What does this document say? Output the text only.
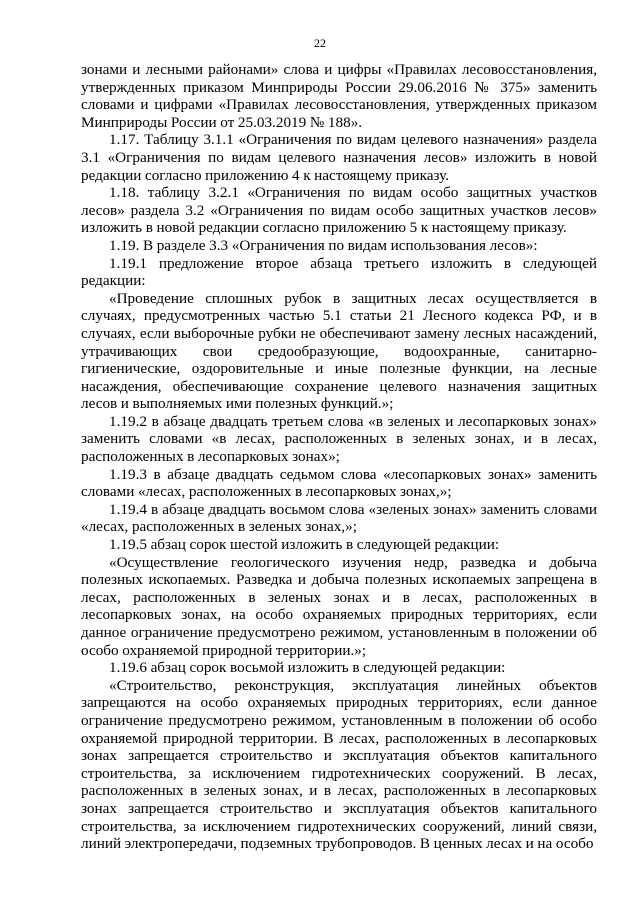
22

зонами и лесными районами» слова и цифры «Правилах лесовосстановления, утвержденных приказом Минприроды России 29.06.2016 № 375» заменить словами и цифрами «Правилах лесовосстановления, утвержденных приказом Минприроды России от 25.03.2019 № 188».

1.17. Таблицу 3.1.1 «Ограничения по видам целевого назначения» раздела 3.1 «Ограничения по видам целевого назначения лесов» изложить в новой редакции согласно приложению 4 к настоящему приказу.

1.18. таблицу 3.2.1 «Ограничения по видам особо защитных участков лесов» раздела 3.2 «Ограничения по видам особо защитных участков лесов» изложить в новой редакции согласно приложению 5 к настоящему приказу.

1.19. В разделе 3.3 «Ограничения по видам использования лесов»:

1.19.1 предложение второе абзаца третьего изложить в следующей редакции:

«Проведение сплошных рубок в защитных лесах осуществляется в случаях, предусмотренных частью 5.1 статьи 21 Лесного кодекса РФ, и в случаях, если выборочные рубки не обеспечивают замену лесных насаждений, утрачивающих свои средообразующие, водоохранные, санитарно-гигиенические, оздоровительные и иные полезные функции, на лесные насаждения, обеспечивающие сохранение целевого назначения защитных лесов и выполняемых ими полезных функций.»;

1.19.2 в абзаце двадцать третьем слова «в зеленых и лесопарковых зонах» заменить словами «в лесах, расположенных в зеленых зонах, и в лесах, расположенных в лесопарковых зонах»;

1.19.3 в абзаце двадцать седьмом слова «лесопарковых зонах» заменить словами «лесах, расположенных в лесопарковых зонах,»;

1.19.4 в абзаце двадцать восьмом слова «зеленых зонах» заменить словами «лесах, расположенных в зеленых зонах,»;

1.19.5 абзац сорок шестой изложить в следующей редакции:

«Осуществление геологического изучения недр, разведка и добыча полезных ископаемых. Разведка и добыча полезных ископаемых запрещена в лесах, расположенных в зеленых зонах и в лесах, расположенных в лесопарковых зонах, на особо охраняемых природных территориях, если данное ограничение предусмотрено режимом, установленным в положении об особо охраняемой природной территории.»;

1.19.6 абзац сорок восьмой изложить в следующей редакции:

«Строительство, реконструкция, эксплуатация линейных объектов запрещаются на особо охраняемых природных территориях, если данное ограничение предусмотрено режимом, установленным в положении об особо охраняемой природной территории. В лесах, расположенных в лесопарковых зонах запрещается строительство и эксплуатация объектов капитального строительства, за исключением гидротехнических сооружений. В лесах, расположенных в зеленых зонах, и в лесах, расположенных в лесопарковых зонах запрещается строительство и эксплуатация объектов капитального строительства, за исключением гидротехнических сооружений, линий связи, линий электропередачи, подземных трубопроводов. В ценных лесах и на особо
